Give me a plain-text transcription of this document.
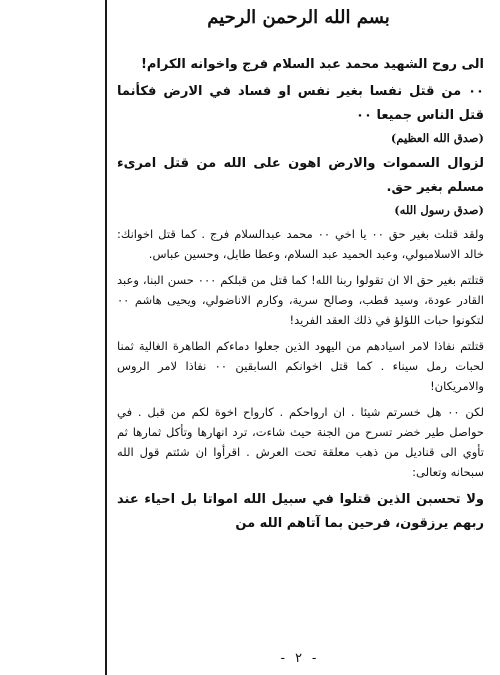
بسم الله الرحمن الرحيم

الى روح الشهيد محمد عبد السلام فرج واخوانه الكرام!

٠٠ من قتل نفسا بغير نفس او فساد في الارض فكأنما قتل الناس جميعا ٠٠

(صدق الله العظيم)

لزوال السموات والارض اهون على الله من قتل امرىء مسلم بغير حق.

(صدق رسول الله)

ولقد قتلت بغير حق ٠٠ يا اخي ٠٠ محمد عبدالسلام فرج . كما قتل اخوانك: خالد الاسلامبولي، وعبد الحميد عبد السلام، وعطا طايل، وحسين عباس.

قتلتم بغير حق الا ان تقولوا ربنا الله! كما قتل من قبلكم ٠٠٠ حسن البنا، وعبد القادر عودة، وسيد قطب، وصالح سرية، وكارم الاناضولي، ويحيى هاشم ٠٠ لتكونوا حبات اللؤلؤ في ذلك العقد الفريد!

قتلتم نفاذا لامر اسيادهم من اليهود الذين جعلوا دماءكم الطاهرة الغالية ثمنا لحبات رمل سيناء . كما قتل اخوانكم السابقين ٠٠ نفاذا لامر الروس والامريكان!

لكن ٠٠ هل خسرتم شيئا . ان ارواحكم . كارواح اخوة لكم من قبل . في حواصل طير خضر تسرح من الجنة حيث شاءت، ترد انهارها وتأكل ثمارها ثم تأوي الى قناديل من ذهب معلقة تحت العرش . اقرأوا ان شئتم قول الله سبحانه وتعالى:

ولا تحسبن الذين قتلوا في سبيل الله امواتا بل احياء عند ربهم يرزقون، فرحين بما آتاهم الله من

- ٢ -
